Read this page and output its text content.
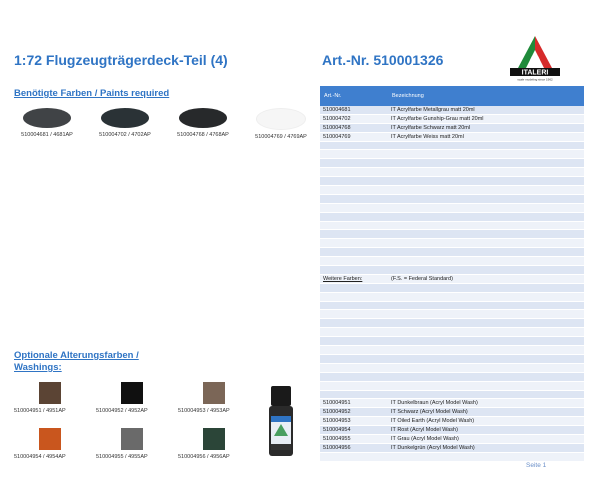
1:72 Flugzeugträgerdeck-Teil (4)	Art.-Nr. 510001326
ITALERI
scale modeling since 1962
Benötigte Farben / Paints required
510004681 / 4681AP	510004702 / 4702AP	510004768 / 4768AP	510004769 / 4769AP
Optionale Alterungsfarben / Washings:
510004951 / 4951AP	510004952 / 4952AP	510004953 / 4953AP
510004954 / 4954AP	510004955 / 4955AP	510004956 / 4956AP
Art.-Nr.	Bezeichnung
510004681	IT Acrylfarbe Metallgrau matt 20ml
510004702	IT Acrylfarbe Gunship-Grau matt 20ml
510004768	IT Acrylfarbe Schwarz matt 20ml
510004769	IT Acrylfarbe Weiss matt 20ml

Weitere Farben:	(F.S. = Federal Standard)

510004951	IT Dunkelbraun (Acryl Model Wash)
510004952	IT Schwarz (Acryl Model Wash)
510004953	IT Oiled Earth (Acryl Model Wash)
510004954	IT Rost (Acryl Model Wash)
510004955	IT Grau (Acryl Model Wash)
510004956	IT Dunkelgrün (Acryl Model Wash)

Seite 1
